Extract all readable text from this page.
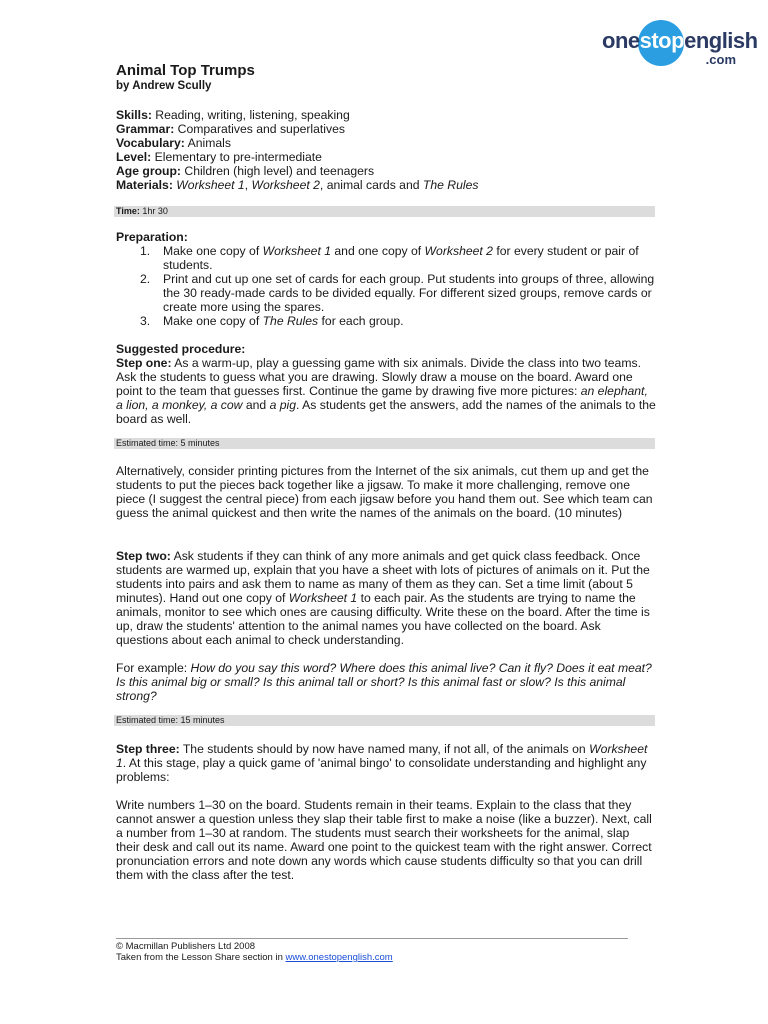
onestopenglish
.com
Animal Top Trumps
by Andrew Scully
Skills: Reading, writing, listening, speaking
Grammar: Comparatives and superlatives
Vocabulary: Animals
Level: Elementary to pre-intermediate
Age group: Children (high level) and teenagers
Materials: Worksheet 1, Worksheet 2, animal cards and The Rules
Time: 1hr 30

Preparation:

1. Make one copy of Worksheet 1 and one copy of Worksheet 2 for every student or pair of students.
2. Print and cut up one set of cards for each group. Put students into groups of three, allowing the 30 ready-made cards to be divided equally. For different sized groups, remove cards or create more using the spares.
3. Make one copy of The Rules for each group.

Suggested procedure:

Step one: As a warm-up, play a guessing game with six animals. Divide the class into two teams. Ask the students to guess what you are drawing. Slowly draw a mouse on the board. Award one point to the team that guesses first. Continue the game by drawing five more pictures: an elephant, a lion, a monkey, a cow and a pig. As students get the answers, add the names of the animals to the board as well.

Estimated time: 5 minutes
Alternatively, consider printing pictures from the Internet of the six animals, cut them up and get the students to put the pieces back together like a jigsaw. To make it more challenging, remove one piece (I suggest the central piece) from each jigsaw before you hand them out. See which team can guess the animal quickest and then write the names of the animals on the board. (10 minutes)

Step two: Ask students if they can think of any more animals and get quick class feedback. Once students are warmed up, explain that you have a sheet with lots of pictures of animals on it. Put the students into pairs and ask them to name as many of them as they can. Set a time limit (about 5 minutes). Hand out one copy of Worksheet 1 to each pair. As the students are trying to name the animals, monitor to see which ones are causing difficulty. Write these on the board. After the time is up, draw the students' attention to the animal names you have collected on the board. Ask questions about each animal to check understanding.

For example: How do you say this word? Where does this animal live? Can it fly? Does it eat meat? Is this animal big or small? Is this animal tall or short? Is this animal fast or slow? Is this animal strong?

Estimated time: 15 minutes

Step three: The students should by now have named many, if not all, of the animals on Worksheet 1. At this stage, play a quick game of 'animal bingo' to consolidate understanding and highlight any problems:

Write numbers 1–30 on the board. Students remain in their teams. Explain to the class that they cannot answer a question unless they slap their table first to make a noise (like a buzzer). Next, call a number from 1–30 at random. The students must search their worksheets for the animal, slap their desk and call out its name. Award one point to the quickest team with the right answer. Correct pronunciation errors and note down any words which cause students difficulty so that you can drill them with the class after the test.
© Macmillan Publishers Ltd 2008
Taken from the Lesson Share section in www.onestopenglish.com
